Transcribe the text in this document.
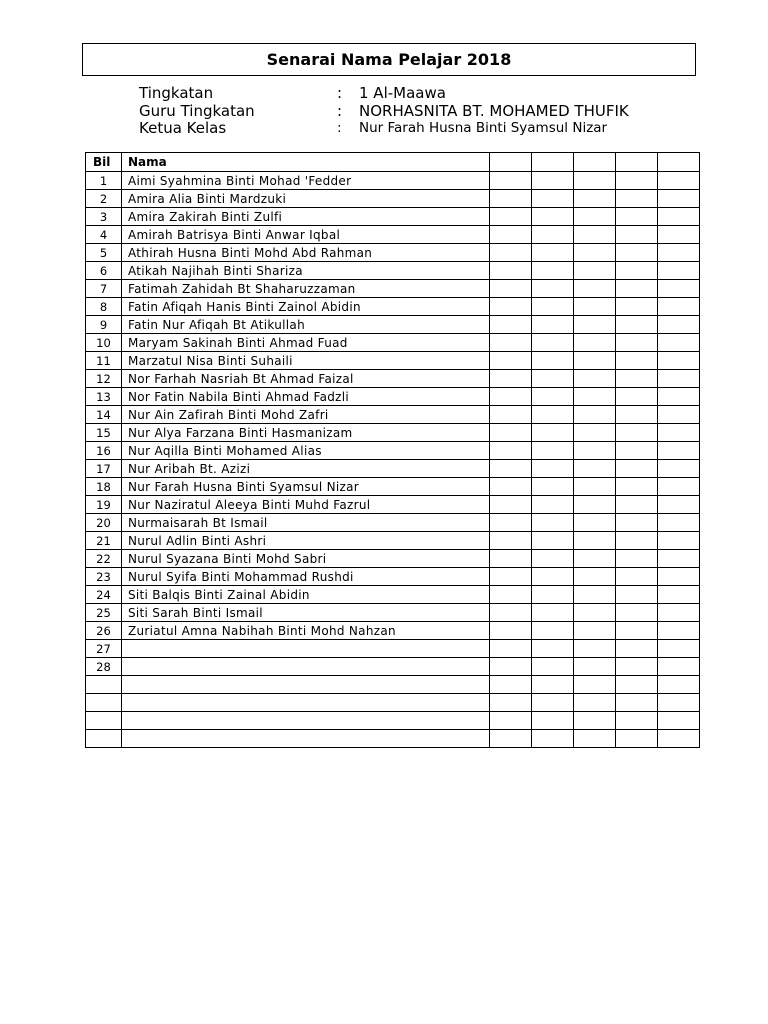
Senarai Nama Pelajar 2018
Tingkatan	:	1 Al-Maawa
Guru Tingkatan	:	NORHASNITA BT. MOHAMED THUFIK
Ketua Kelas	:	Nur Farah Husna Binti Syamsul Nizar
Bil	Nama					
1	Aimi Syahmina Binti Mohad 'Fedder					
2	Amira Alia Binti Mardzuki					
3	Amira Zakirah Binti Zulfi					
4	Amirah Batrisya Binti Anwar Iqbal					
5	Athirah Husna Binti Mohd Abd Rahman					
6	Atikah Najihah Binti Shariza					
7	Fatimah Zahidah Bt Shaharuzzaman					
8	Fatin Afiqah Hanis Binti Zainol Abidin					
9	Fatin Nur Afiqah Bt Atikullah					
10	Maryam Sakinah Binti Ahmad Fuad					
11	Marzatul Nisa Binti Suhaili					
12	Nor Farhah Nasriah Bt Ahmad Faizal					
13	Nor Fatin Nabila Binti Ahmad Fadzli					
14	Nur Ain Zafirah Binti Mohd Zafri					
15	Nur Alya Farzana Binti Hasmanizam					
16	Nur Aqilla Binti Mohamed Alias					
17	Nur Aribah Bt. Azizi					
18	Nur Farah Husna Binti Syamsul Nizar					
19	Nur Naziratul Aleeya Binti Muhd Fazrul					
20	Nurmaisarah Bt Ismail					
21	Nurul Adlin Binti Ashri					
22	Nurul Syazana Binti Mohd Sabri					
23	Nurul Syifa Binti Mohammad Rushdi					
24	Siti Balqis Binti Zainal Abidin					
25	Siti Sarah Binti Ismail					
26	Zuriatul Amna Nabihah Binti Mohd Nahzan					
27						
28						
